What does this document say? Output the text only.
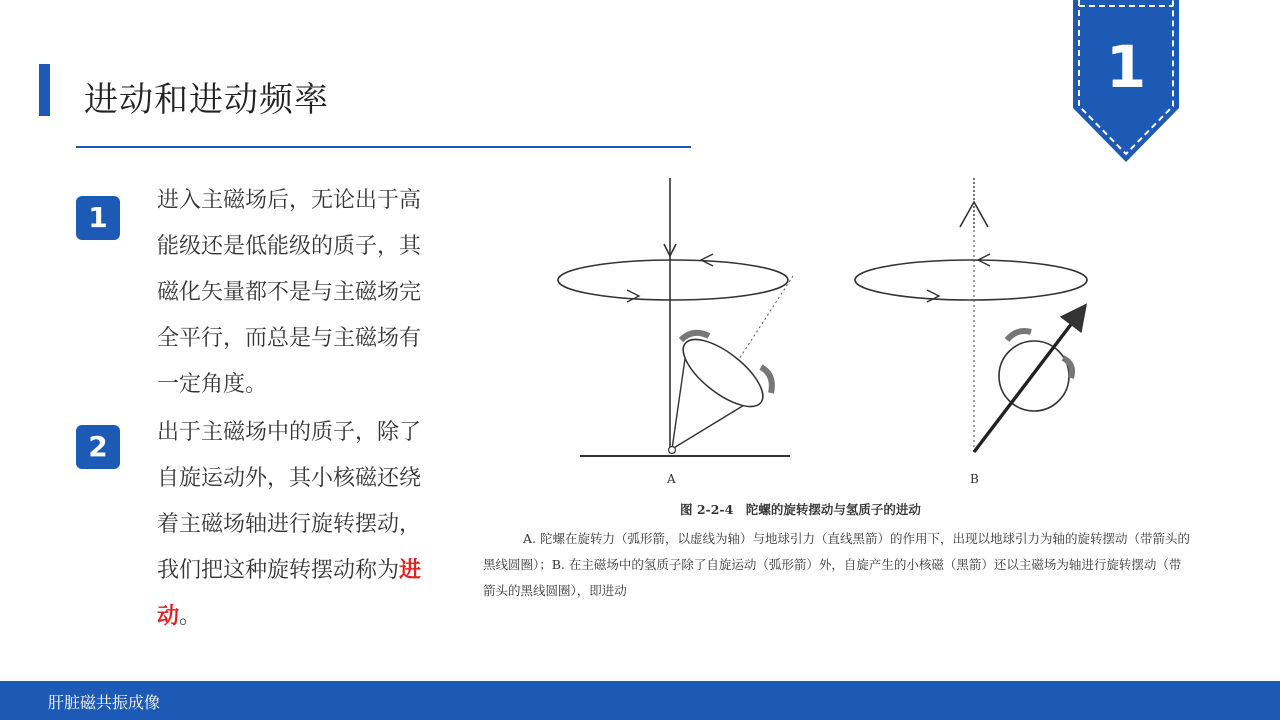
进动和进动频率	1
1
进入主磁场后，无论出于高能级还是低能级的质子，其磁化矢量都不是与主磁场完全平行，而总是与主磁场有一定角度。
2	出于主磁场中的质子，除了自旋运动外，其小核磁还绕着主磁场轴进行旋转摆动，我们把这种旋转摆动称为进动。
A	B
图 2-2-4　陀螺的旋转摆动与氢质子的进动
A. 陀螺在旋转力（弧形箭，以虚线为轴）与地球引力（直线黑箭）的作用下，出现以地球引力为轴的旋转摆动（带箭头的黑线圆圈）；B. 在主磁场中的氢质子除了自旋运动（弧形箭）外，自旋产生的小核磁（黑箭）还以主磁场为轴进行旋转摆动（带箭头的黑线圆圈），即进动
肝脏磁共振成像
